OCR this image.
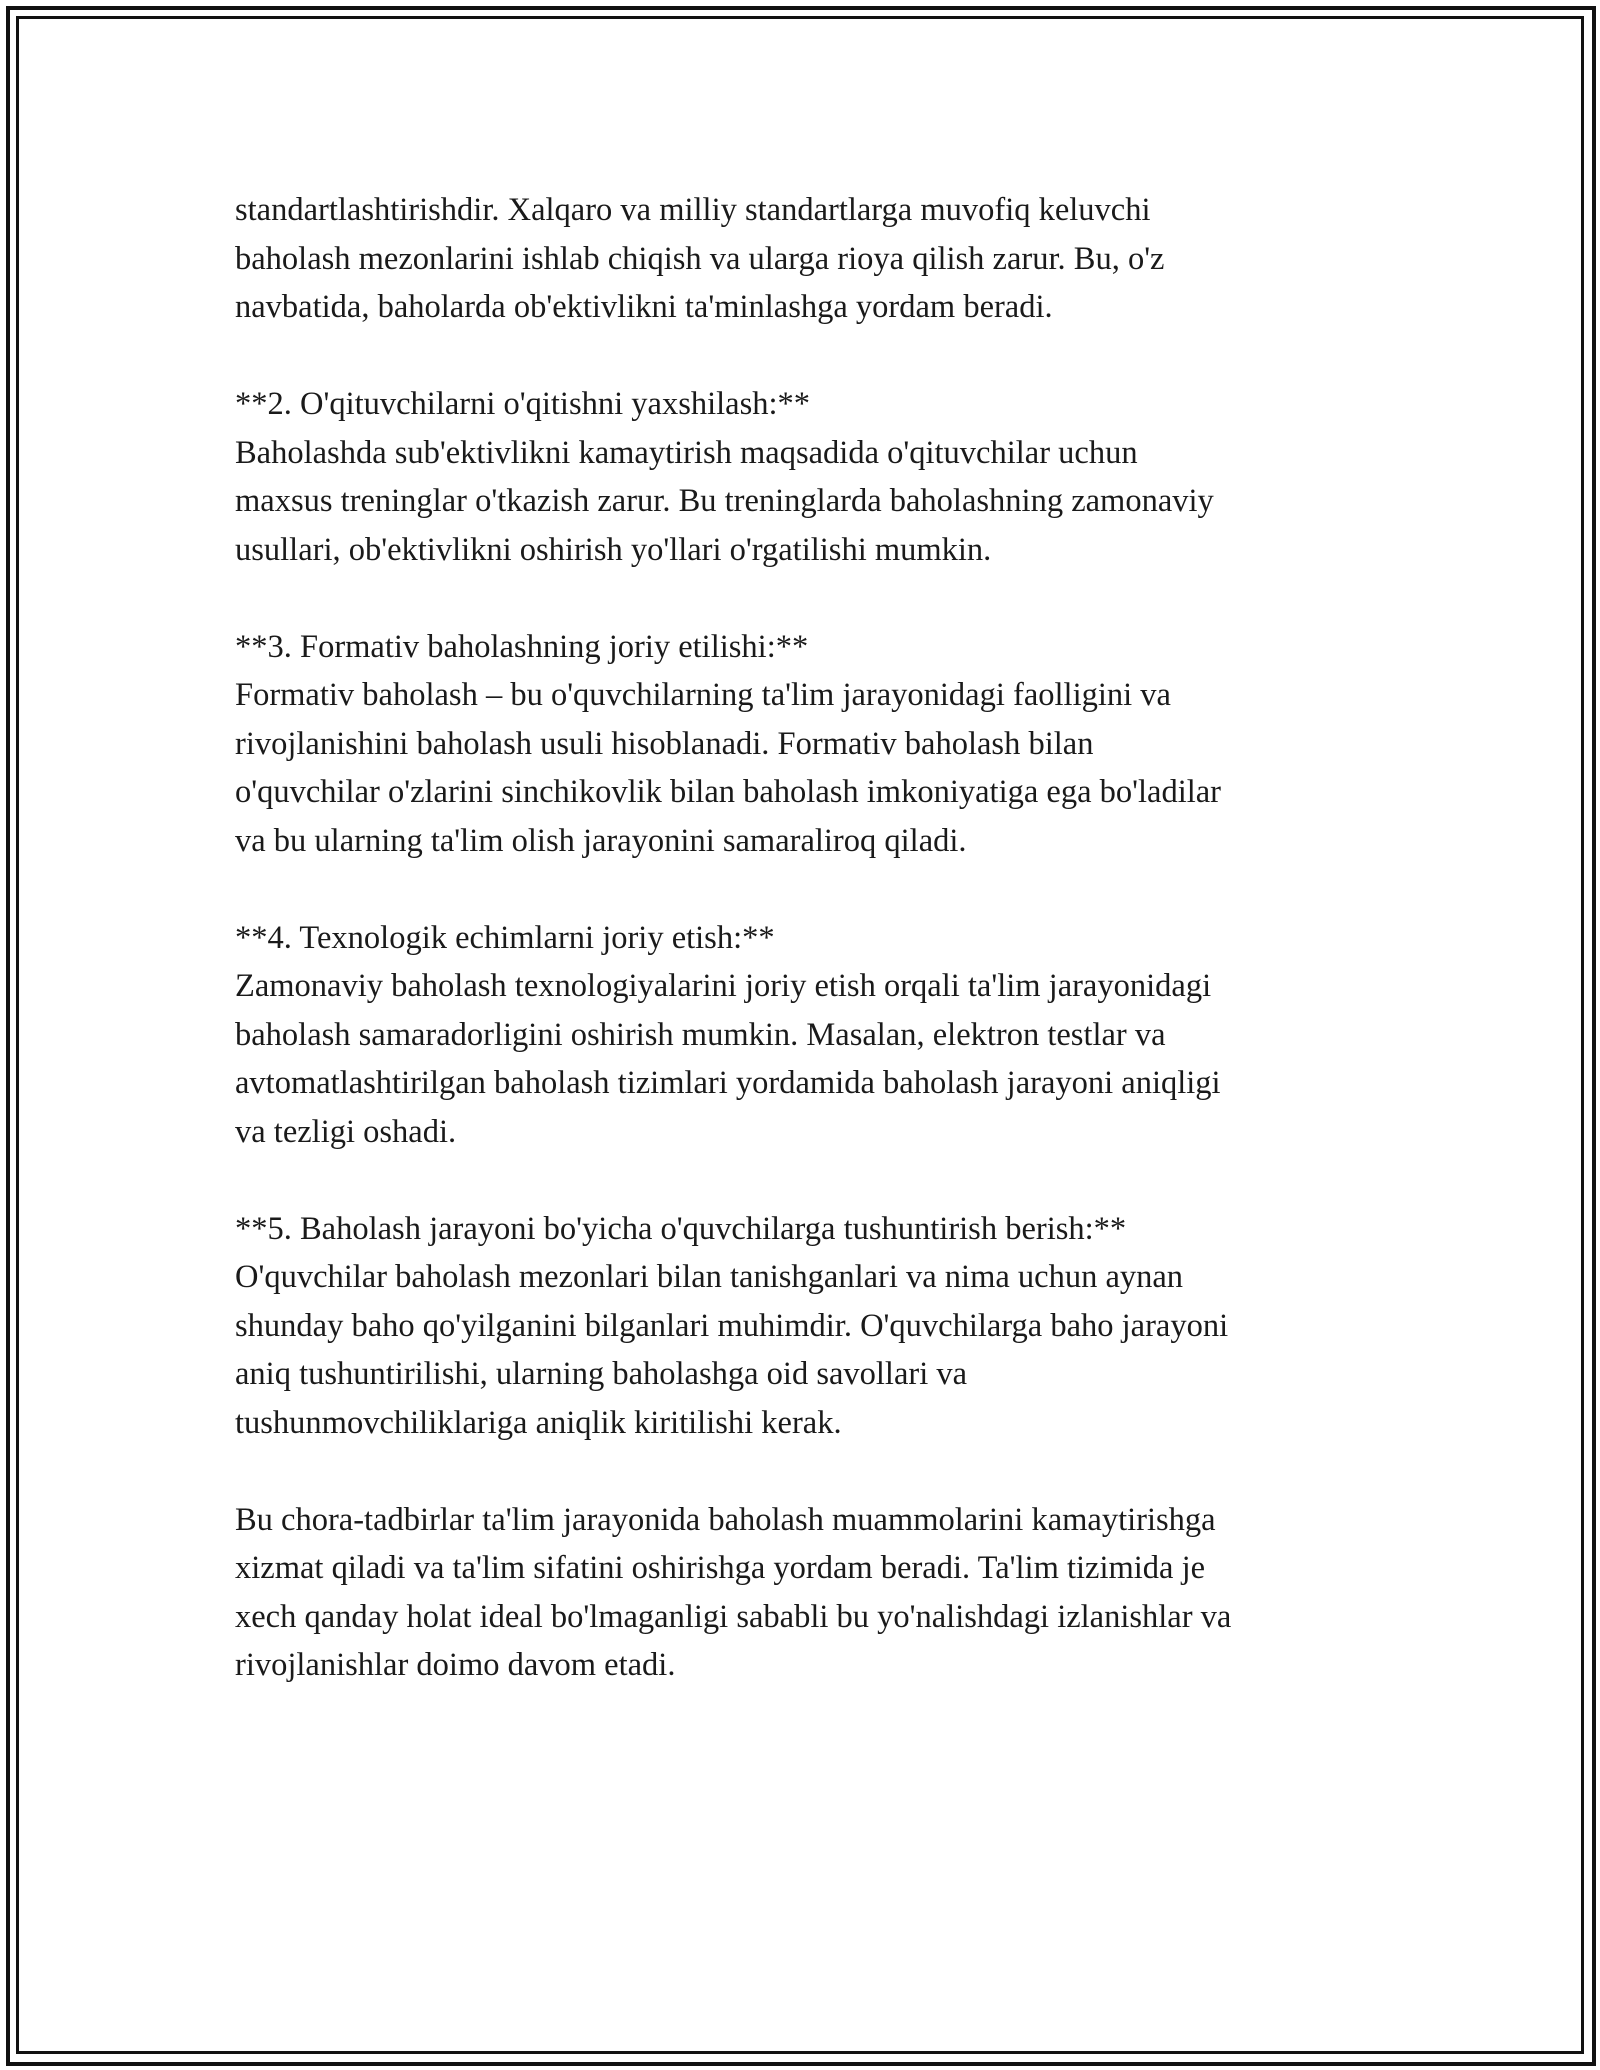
standartlashtirishdir. Xalqaro va milliy standartlarga muvofiq keluvchi
baholash mezonlarini ishlab chiqish va ularga rioya qilish zarur. Bu, o'z
navbatida, baholarda ob'ektivlikni ta'minlashga yordam beradi.
**2. O'qituvchilarni o'qitishni yaxshilash:**
Baholashda sub'ektivlikni kamaytirish maqsadida o'qituvchilar uchun
maxsus treninglar o'tkazish zarur. Bu treninglarda baholashning zamonaviy
usullari, ob'ektivlikni oshirish yo'llari o'rgatilishi mumkin.
**3. Formativ baholashning joriy etilishi:**
Formativ baholash – bu o'quvchilarning ta'lim jarayonidagi faolligini va
rivojlanishini baholash usuli hisoblanadi. Formativ baholash bilan
o'quvchilar o'zlarini sinchikovlik bilan baholash imkoniyatiga ega bo'ladilar
va bu ularning ta'lim olish jarayonini samaraliroq qiladi.
**4. Texnologik echimlarni joriy etish:**
Zamonaviy baholash texnologiyalarini joriy etish orqali ta'lim jarayonidagi
baholash samaradorligini oshirish mumkin. Masalan, elektron testlar va
avtomatlashtirilgan baholash tizimlari yordamida baholash jarayoni aniqligi
va tezligi oshadi.
**5. Baholash jarayoni bo'yicha o'quvchilarga tushuntirish berish:**
O'quvchilar baholash mezonlari bilan tanishganlari va nima uchun aynan
shunday baho qo'yilganini bilganlari muhimdir. O'quvchilarga baho jarayoni
aniq tushuntirilishi, ularning baholashga oid savollari va
tushunmovchiliklariga aniqlik kiritilishi kerak.
Bu chora-tadbirlar ta'lim jarayonida baholash muammolarini kamaytirishga
xizmat qiladi va ta'lim sifatini oshirishga yordam beradi. Ta'lim tizimida je
xech qanday holat ideal bo'lmaganligi sababli bu yo'nalishdagi izlanishlar va
rivojlanishlar doimo davom etadi.
